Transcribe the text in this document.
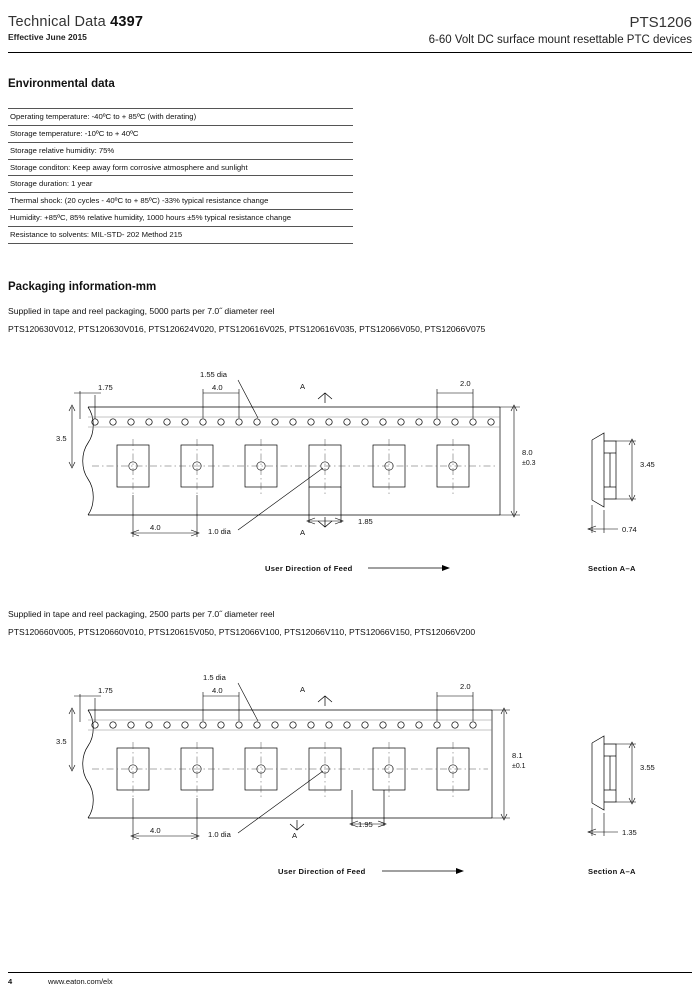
Technical Data 4397
Effective June 2015
PTS1206
6-60 Volt DC surface mount resettable PTC devices
Environmental data
Operating temperature: -40ºC to + 85ºC (with derating)
Storage temperature: -10ºC to + 40ºC
Storage relative humidity: 75%
Storage conditon: Keep away form corrosive atmosphere and sunlight
Storage duration: 1 year
Thermal shock: (20 cycles - 40ºC to + 85ºC) -33% typical resistance change
Humidity: +85ºC, 85% relative humidity, 1000 hours ±5% typical resistance change
Resistance to solvents: MIL-STD- 202 Method 215
Packaging information-mm
Supplied in tape and reel packaging, 5000 parts per 7.0˝ diameter reel
PTS120630V012, PTS120630V016, PTS120624V020, PTS120616V025, PTS120616V035, PTS12066V050, PTS12066V075
1.75
1.55 dia
4.0	A	2.0
3.5
8.0
±0.3
4.0	1.0 dia	A
1.85
User Direction of Feed
3.45
0.74
Section A–A
Supplied in tape and reel packaging, 2500 parts per 7.0˝ diameter reel
PTS120660V005, PTS120660V010, PTS120615V050, PTS12066V100, PTS12066V110, PTS12066V150, PTS12066V200
1.75
1.5 dia
4.0	A	2.0
3.5
8.1
±0.1
4.0	1.0 dia	A
1.95
User Direction of Feed
3.55
1.35
Section A–A
4	www.eaton.com/elx
